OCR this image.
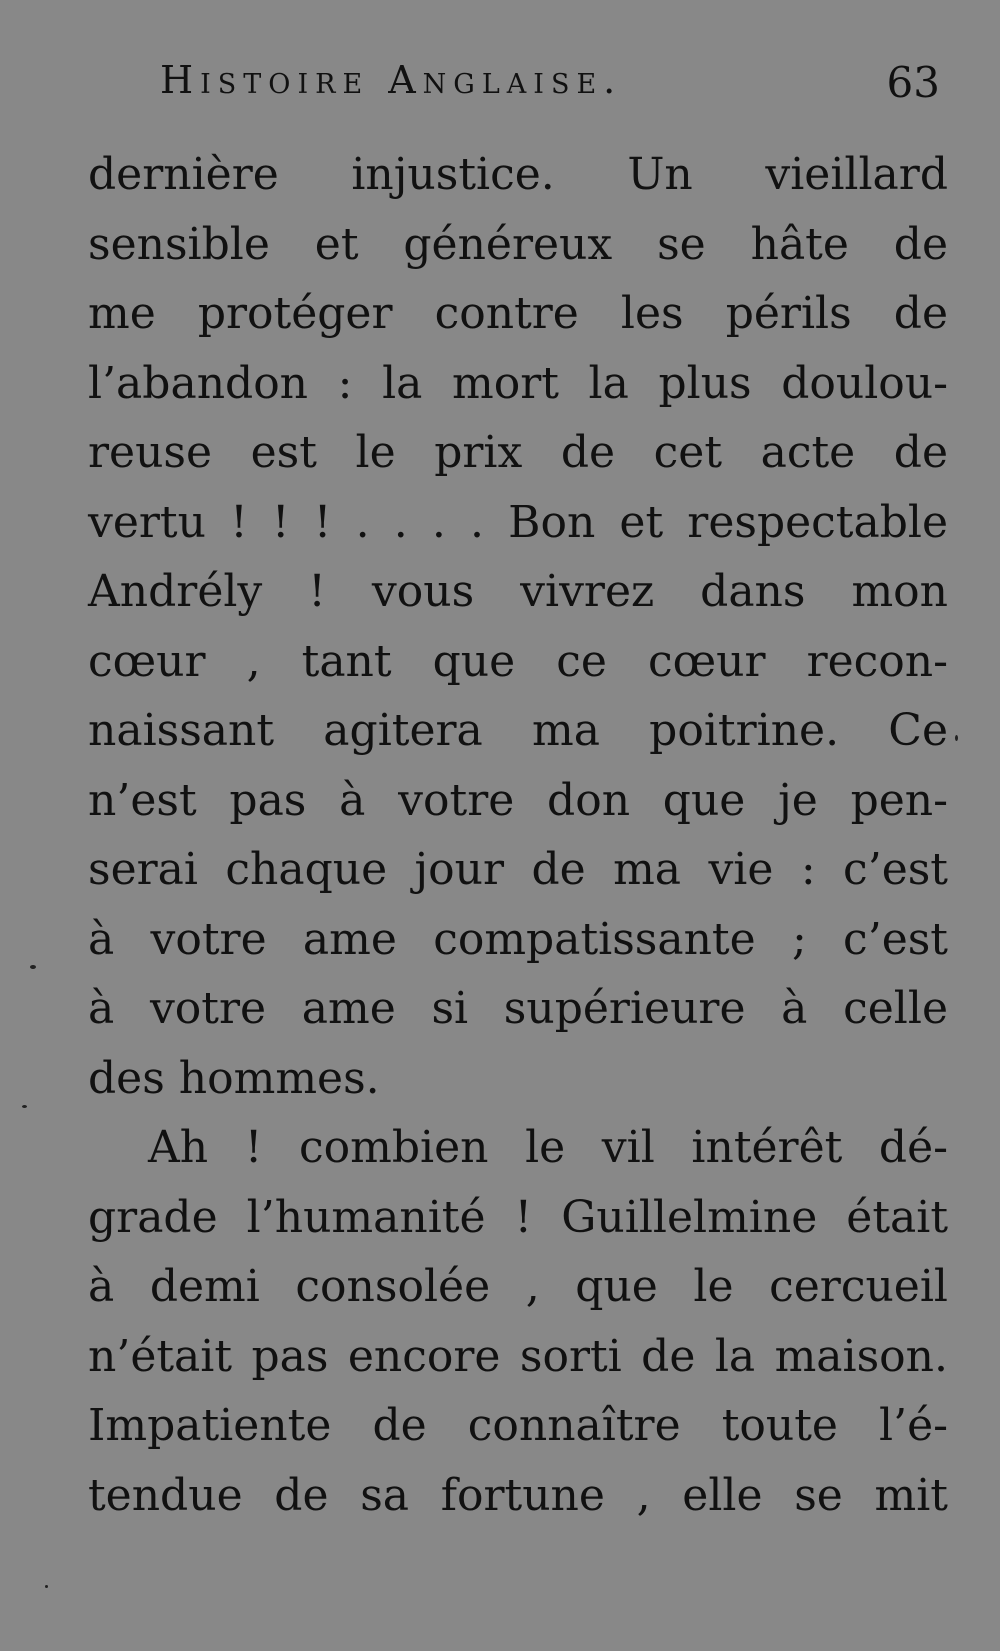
Histoire Anglaise.	63
dernière injustice. Un vieillard
sensible et généreux se hâte de
me protéger contre les périls de
l’abandon : la mort la plus doulou-
reuse est le prix de cet acte de
vertu ! ! ! . . . . Bon et respectable
Andrély ! vous vivrez dans mon
cœur , tant que ce cœur recon-
naissant agitera ma poitrine. Ce
n’est pas à votre don que je pen-
serai chaque jour de ma vie : c’est
à votre ame compatissante ; c’est
à votre ame si supérieure à celle
des hommes.
Ah ! combien le vil intérêt dé-
grade l’humanité ! Guillelmine était
à demi consolée , que le cercueil
n’était pas encore sorti de la maison.
Impatiente de connaître toute l’é-
tendue de sa fortune , elle se mit
